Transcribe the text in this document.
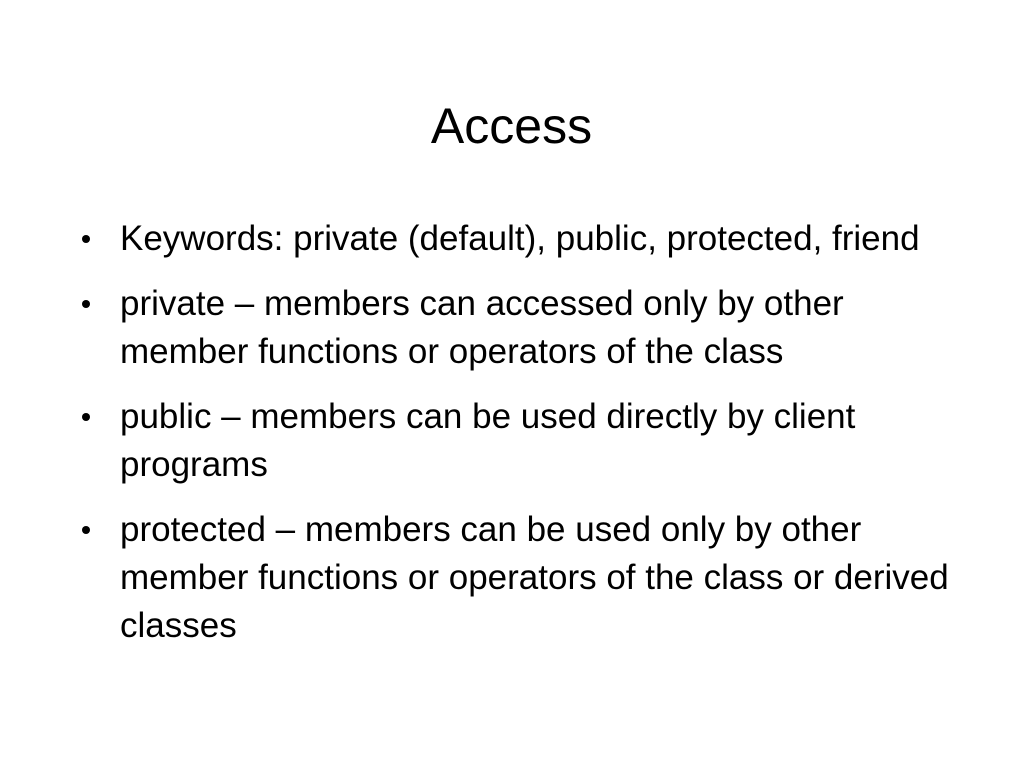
Access
Keywords: private (default), public, protected, friend
private – members can accessed only by other member functions or operators of the class
public – members can be used directly by client programs
protected – members can be used only by other member functions or operators of the class or derived classes
